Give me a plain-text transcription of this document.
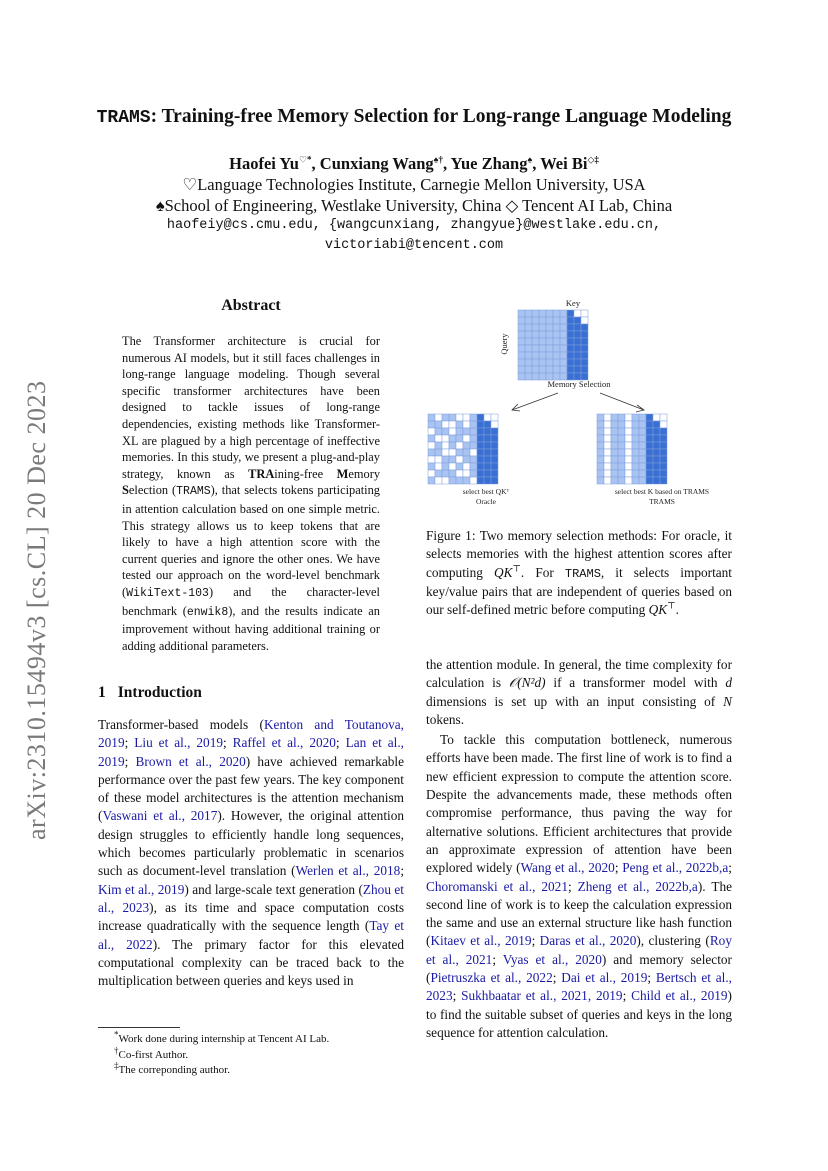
arXiv:2310.15494v3 [cs.CL] 20 Dec 2023
TRAMS: Training-free Memory Selection for Long-range Language Modeling
Haofei Yu♡*, Cunxiang Wang♠†, Yue Zhang♠, Wei Bi◇‡
♡Language Technologies Institute, Carnegie Mellon University, USA
♠School of Engineering, Westlake University, China ◇ Tencent AI Lab, China
haofeiy@cs.cmu.edu, {wangcunxiang, zhangyue}@westlake.edu.cn,
victoriabi@tencent.com
Abstract
The Transformer architecture is crucial for numerous AI models, but it still faces challenges in long-range language modeling. Though several specific transformer architectures have been designed to tackle issues of long-range dependencies, existing methods like Transformer-XL are plagued by a high percentage of ineffective memories. In this study, we present a plug-and-play strategy, known as TRAining-free Memory Selection (TRAMS), that selects tokens participating in attention calculation based on one simple metric. This strategy allows us to keep tokens that are likely to have a high attention score with the current queries and ignore the other ones. We have tested our approach on the word-level benchmark (WikiText-103) and the character-level benchmark (enwik8), and the results indicate an improvement without having additional training or adding additional parameters.
1 Introduction

Transformer-based models (Kenton and Toutanova, 2019; Liu et al., 2019; Raffel et al., 2020; Lan et al., 2019; Brown et al., 2020) have achieved remarkable performance over the past few years. The key component of these model architectures is the attention mechanism (Vaswani et al., 2017). However, the original attention design struggles to efficiently handle long sequences, which becomes particularly problematic in scenarios such as document-level translation (Werlen et al., 2018; Kim et al., 2019) and large-scale text generation (Zhou et al., 2023), as its time and space computation costs increase quadratically with the sequence length (Tay et al., 2022). The primary factor for this elevated computational complexity can be traced back to the multiplication between queries and keys used in

*Work done during internship at Tencent AI Lab.
†Co-first Author.
‡The correponding author.
Key
Query
Memory Selection
select best QKᵀ
Oracle
select best K based on TRAMS
TRAMS
Figure 1: Two memory selection methods: For oracle, it selects memories with the highest attention scores after computing QK⊤. For TRAMS, it selects important key/value pairs that are independent of queries based on our self-defined metric before computing QK⊤.

the attention module. In general, the time complexity for calculation is 𝒪(N²d) if a transformer model with d dimensions is set up with an input consisting of N tokens.

To tackle this computation bottleneck, numerous efforts have been made. The first line of work is to find a new efficient expression to compute the attention score. Despite the advancements made, these methods often compromise performance, thus paving the way for alternative solutions. Efficient architectures that provide an approximate expression of attention have been explored widely (Wang et al., 2020; Peng et al., 2022b,a; Choromanski et al., 2021; Zheng et al., 2022b,a). The second line of work is to keep the calculation expression the same and use an external structure like hash function (Kitaev et al., 2019; Daras et al., 2020), clustering (Roy et al., 2021; Vyas et al., 2020) and memory selector (Pietruszka et al., 2022; Dai et al., 2019; Bertsch et al., 2023; Sukhbaatar et al., 2021, 2019; Child et al., 2019) to find the suitable subset of queries and keys in the long sequence for attention calculation.
